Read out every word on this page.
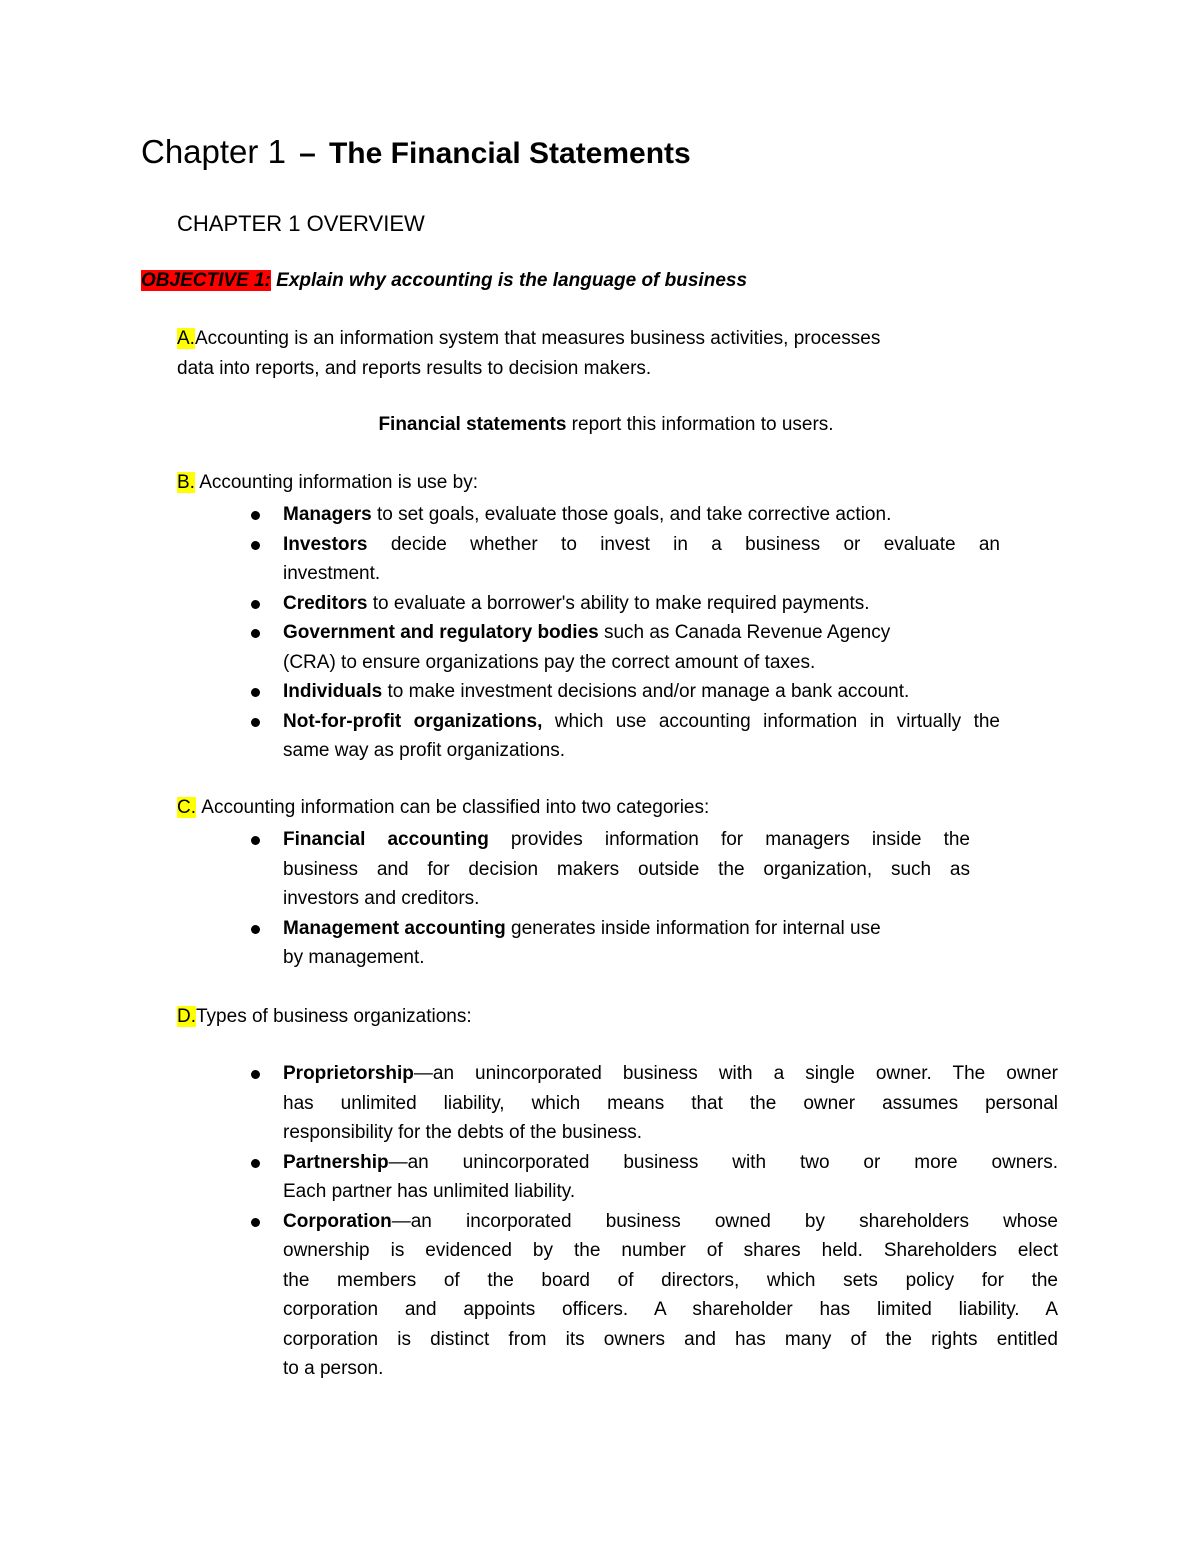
Chapter 1 – The Financial Statements
CHAPTER 1 OVERVIEW
OBJECTIVE 1: Explain why accounting is the language of business
A.Accounting is an information system that measures business activities, processes
data into reports, and reports results to decision makers.
Financial statements report this information to users.
B. Accounting information is use by:
Managers to set goals, evaluate those goals, and take corrective action.
Investors decide whether to invest in a business or evaluate an
investment.
Creditors to evaluate a borrower's ability to make required payments.
Government and regulatory bodies such as Canada Revenue Agency
(CRA) to ensure organizations pay the correct amount of taxes.
Individuals to make investment decisions and/or manage a bank account.
Not-for-profit organizations, which use accounting information in virtually the
same way as profit organizations.
C. Accounting information can be classified into two categories:
Financial accounting provides information for managers inside the
business and for decision makers outside the organization, such as
investors and creditors.
Management accounting generates inside information for internal use
by management.
D.Types of business organizations:
Proprietorship—an unincorporated business with a single owner. The owner
has unlimited liability, which means that the owner assumes personal
responsibility for the debts of the business.
Partnership—an unincorporated business with two or more owners.
Each partner has unlimited liability.
Corporation—an incorporated business owned by shareholders whose
ownership is evidenced by the number of shares held. Shareholders elect
the members of the board of directors, which sets policy for the
corporation and appoints officers. A shareholder has limited liability. A
corporation is distinct from its owners and has many of the rights entitled
to a person.
